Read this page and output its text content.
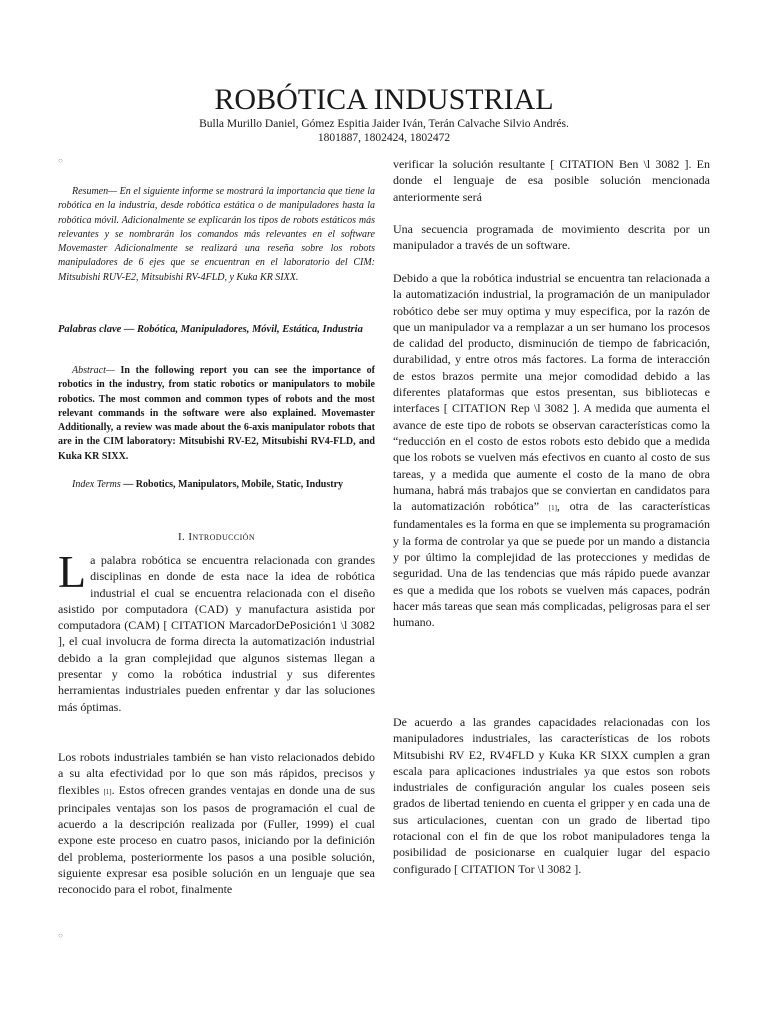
ROBÓTICA INDUSTRIAL
Bulla Murillo Daniel, Gómez Espitia Jaider Iván, Terán Calvache Silvio Andrés.
1801887, 1802424, 1802472
○
○

Resumen— En el siguiente informe se mostrará la importancia que tiene la robótica en la industria, desde robótica estática o de manipuladores hasta la robótica móvil. Adicionalmente se explicarán los tipos de robots estáticos más relevantes y se nombrarán los comandos más relevantes en el software Movemaster Adicionalmente se realizará una reseña sobre los robots manipuladores de 6 ejes que se encuentran en el laboratorio del CIM: Mitsubishi RUV-E2, Mitsubishi RV-4FLD, y Kuka KR SIXX.

Palabras clave — Robótica, Manipuladores, Móvil, Estática, Industria
Abstract— In the following report you can see the importance of robotics in the industry, from static robotics or manipulators to mobile robotics. The most common and common types of robots and the most relevant commands in the software were also explained. Movemaster Additionally, a review was made about the 6-axis manipulator robots that are in the CIM laboratory: Mitsubishi RV-E2, Mitsubishi RV4-FLD, and Kuka KR SIXX.
Index Terms — Robotics, Manipulators, Mobile, Static, Industry
I. Introducción
La palabra robótica se encuentra relacionada con grandes disciplinas en donde de esta nace la idea de robótica industrial el cual se encuentra relacionada con el diseño asistido por computadora (CAD) y manufactura asistida por computadora (CAM) [ CITATION MarcadorDePosición1 \l 3082 ], el cual involucra de forma directa la automatización industrial debido a la gran complejidad que algunos sistemas llegan a presentar y como la robótica industrial y sus diferentes herramientas industriales pueden enfrentar y dar las soluciones más óptimas.
Los robots industriales también se han visto relacionados debido a su alta efectividad por lo que son más rápidos, precisos y flexibles [1]. Estos ofrecen grandes ventajas en donde una de sus principales ventajas son los pasos de programación el cual de acuerdo a la descripción realizada por (Fuller, 1999) el cual expone este proceso en cuatro pasos, iniciando por la definición del problema, posteriormente los pasos a una posible solución, siguiente expresar esa posible solución en un lenguaje que sea reconocido para el robot, finalmente
verificar la solución resultante [ CITATION Ben \l 3082 ]. En donde el lenguaje de esa posible solución mencionada anteriormente será
Una secuencia programada de movimiento descrita por un manipulador a través de un software.
Debido a que la robótica industrial se encuentra tan relacionada a la automatización industrial, la programación de un manipulador robótico debe ser muy optima y muy especifica, por la razón de que un manipulador va a remplazar a un ser humano los procesos de calidad del producto, disminución de tiempo de fabricación, durabilidad, y entre otros más factores. La forma de interacción de estos brazos permite una mejor comodidad debido a las diferentes plataformas que estos presentan, sus bibliotecas e interfaces [ CITATION Rep \l 3082 ]. A medida que aumenta el avance de este tipo de robots se observan características como la “reducción en el costo de estos robots esto debido que a medida que los robots se vuelven más efectivos en cuanto al costo de sus tareas, y a medida que aumente el costo de la mano de obra humana, habrá más trabajos que se conviertan en candidatos para la automatización robótica” [1], otra de las características fundamentales es la forma en que se implementa su programación y la forma de controlar ya que se puede por un mando a distancia y por último la complejidad de las protecciones y medidas de seguridad. Una de las tendencias que más rápido puede avanzar es que a medida que los robots se vuelven más capaces, podrán hacer más tareas que sean más complicadas, peligrosas para el ser humano.
De acuerdo a las grandes capacidades relacionadas con los manipuladores industriales, las características de los robots Mitsubishi RV E2, RV4FLD y Kuka KR SIXX cumplen a gran escala para aplicaciones industriales ya que estos son robots industriales de configuración angular los cuales poseen seis grados de libertad teniendo en cuenta el gripper y en cada una de sus articulaciones, cuentan con un grado de libertad tipo rotacional con el fin de que los robot manipuladores tenga la posibilidad de posicionarse en cualquier lugar del espacio configurado [ CITATION Tor \l 3082 ].
